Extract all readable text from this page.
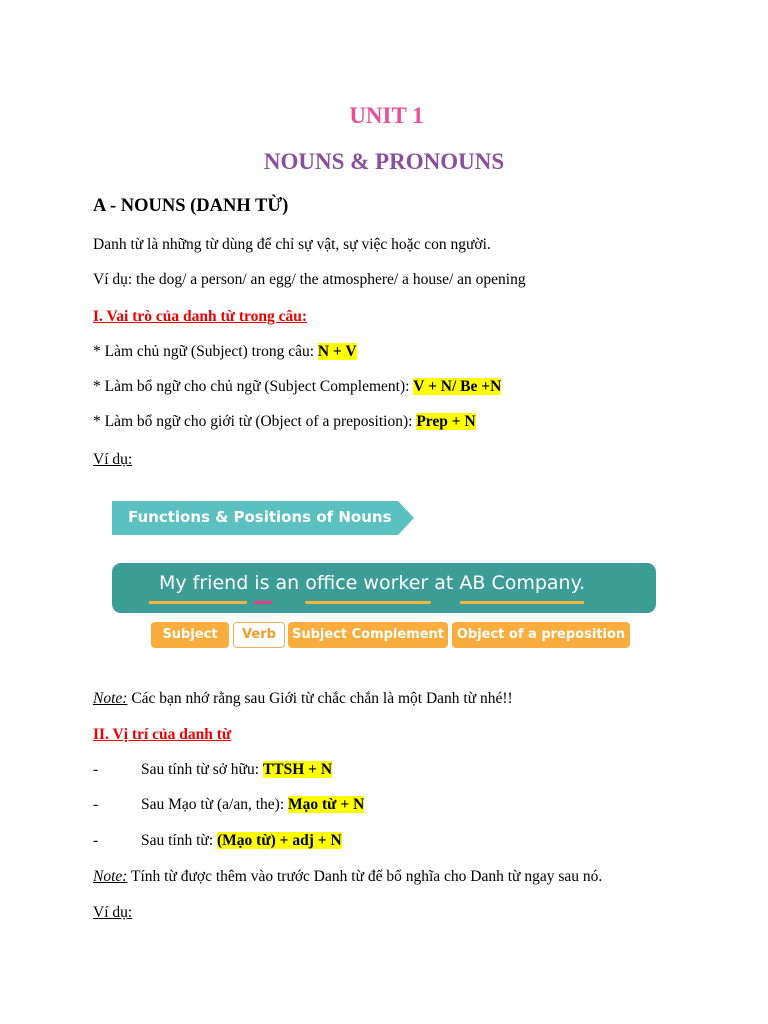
UNIT 1
NOUNS & PRONOUNS
A - NOUNS (DANH TỪ)
Danh từ là những từ dùng để chỉ sự vật, sự việc hoặc con người.
Ví dụ: the dog/ a person/ an egg/ the atmosphere/ a house/ an opening
I. Vai trò của danh từ trong câu:
* Làm chủ ngữ (Subject) trong câu: N + V
* Làm bổ ngữ cho chủ ngữ (Subject Complement): V + N/ Be +N
* Làm bổ ngữ cho giới từ (Object of a preposition): Prep + N
Ví dụ:
Functions & Positions of Nouns
My friend is an office worker at AB Company.
Subject	Verb	Subject Complement Object of a preposition
Note: Các bạn nhớ rằng sau Giới từ chắc chắn là một Danh từ nhé!!
II. Vị trí của danh từ
-	Sau tính từ sở hữu: TTSH + N
-	Sau Mạo từ (a/an, the): Mạo từ + N
-	Sau tính từ: (Mạo từ) + adj + N
Note: Tính từ được thêm vào trước Danh từ để bổ nghĩa cho Danh từ ngay sau nó.
Ví dụ:
